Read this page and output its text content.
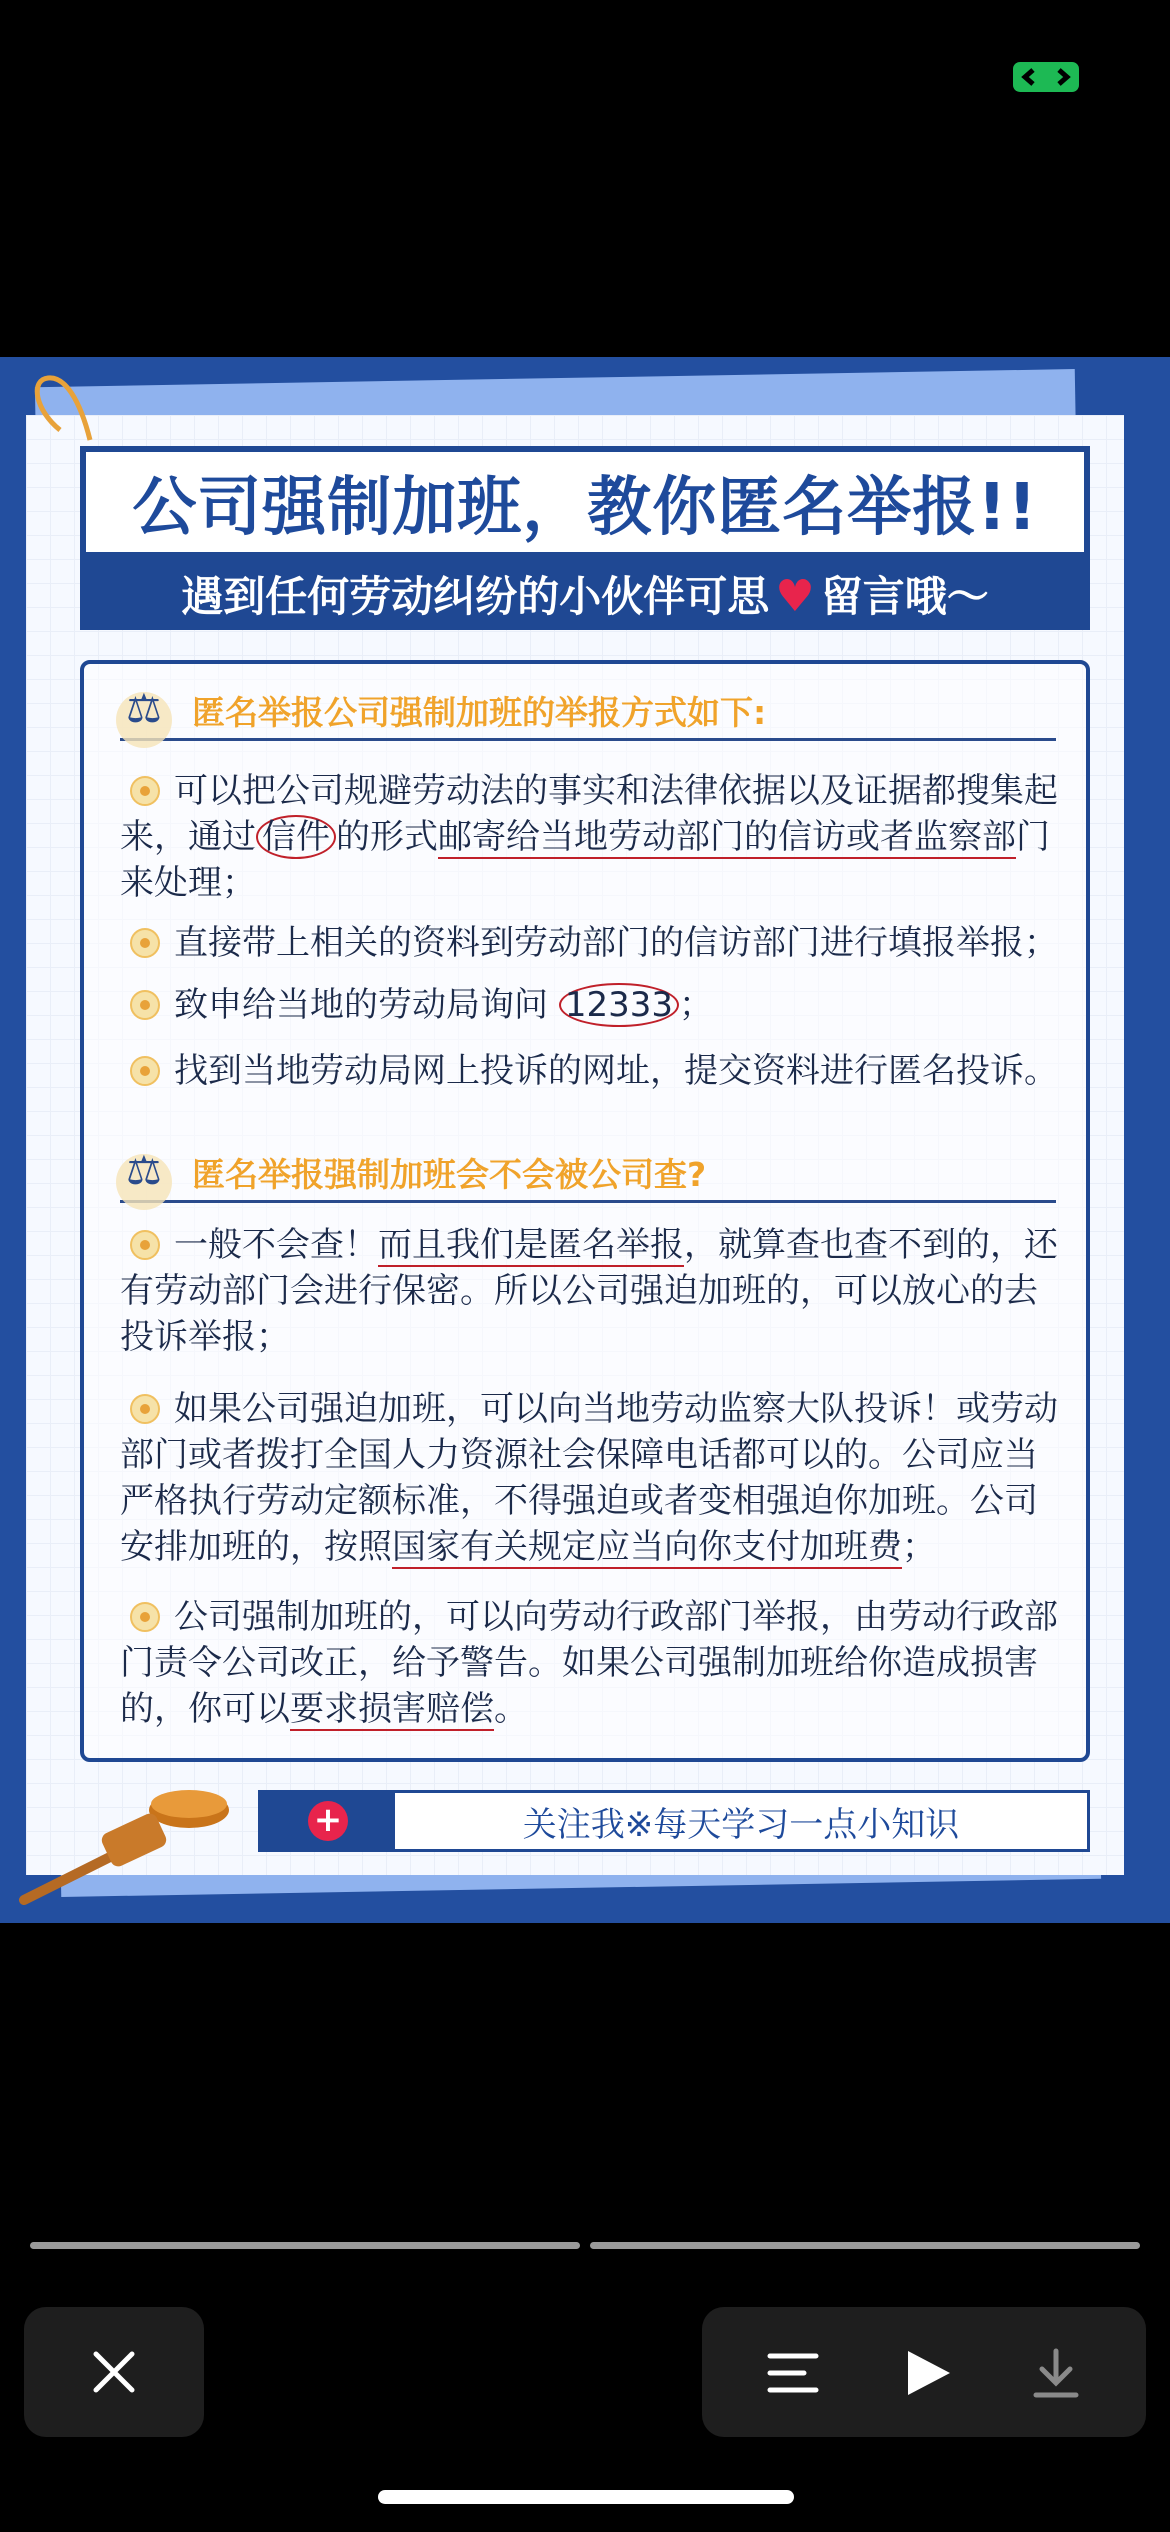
公司强制加班，教你匿名举报!!
遇到任何劳动纠纷的小伙伴可思 ♥ 留言哦～
⚖ 匿名举报公司强制加班的举报方式如下:
可以把公司规避劳动法的事实和法律依据以及证据都搜集起来，通过 信件 的形式邮寄给当地劳动部门的信访或者监察部门来处理；
直接带上相关的资料到劳动部门的信访部门进行填报举报；
致申给当地的劳动局询问 12333 ；
找到当地劳动局网上投诉的网址，提交资料进行匿名投诉。
⚖ 匿名举报强制加班会不会被公司查?
一般不会查！而且我们是匿名举报，就算查也查不到的，还有劳动部门会进行保密。所以公司强迫加班的，可以放心的去投诉举报；
如果公司强迫加班，可以向当地劳动监察大队投诉！或劳动部门或者拨打全国人力资源社会保障电话都可以的。公司应当严格执行劳动定额标准，不得强迫或者变相强迫你加班。公司安排加班的，按照国家有关规定应当向你支付加班费；
公司强制加班的，可以向劳动行政部门举报，由劳动行政部门责令公司改正，给予警告。如果公司强制加班给你造成损害的，你可以要求损害赔偿。
+	关注我※每天学习一点小知识
